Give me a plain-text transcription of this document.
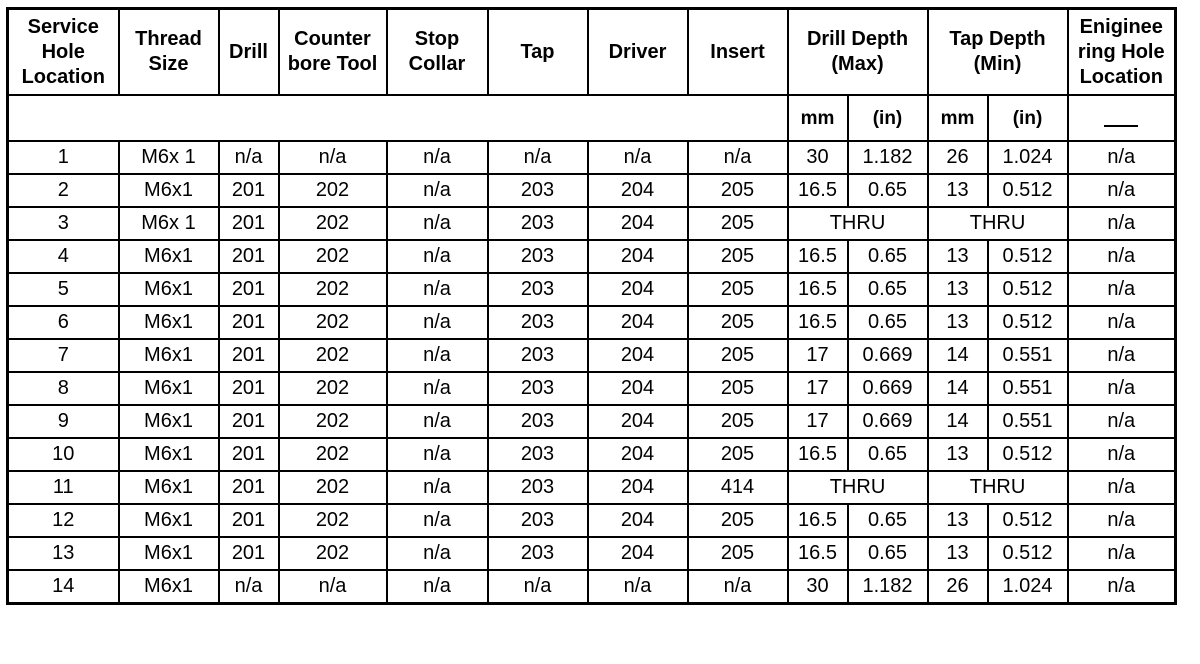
Service Hole Location	Thread Size	Drill	Counter bore Tool	Stop Collar	Tap	Driver	Insert	Drill Depth (Max)		Tap Depth (Min)		Eniginee ring Hole Location
								mm	(in)	mm	(in)	
1	M6x 1	n/a	n/a	n/a	n/a	n/a	n/a	30	1.182	26	1.024	n/a
2	M6x1	201	202	n/a	203	204	205	16.5	0.65	13	0.512	n/a
3	M6x 1	201	202	n/a	203	204	205	THRU		THRU		n/a
4	M6x1	201	202	n/a	203	204	205	16.5	0.65	13	0.512	n/a
5	M6x1	201	202	n/a	203	204	205	16.5	0.65	13	0.512	n/a
6	M6x1	201	202	n/a	203	204	205	16.5	0.65	13	0.512	n/a
7	M6x1	201	202	n/a	203	204	205	17	0.669	14	0.551	n/a
8	M6x1	201	202	n/a	203	204	205	17	0.669	14	0.551	n/a
9	M6x1	201	202	n/a	203	204	205	17	0.669	14	0.551	n/a
10	M6x1	201	202	n/a	203	204	205	16.5	0.65	13	0.512	n/a
11	M6x1	201	202	n/a	203	204	414	THRU		THRU		n/a
12	M6x1	201	202	n/a	203	204	205	16.5	0.65	13	0.512	n/a
13	M6x1	201	202	n/a	203	204	205	16.5	0.65	13	0.512	n/a
14	M6x1	n/a	n/a	n/a	n/a	n/a	n/a	30	1.182	26	1.024	n/a
